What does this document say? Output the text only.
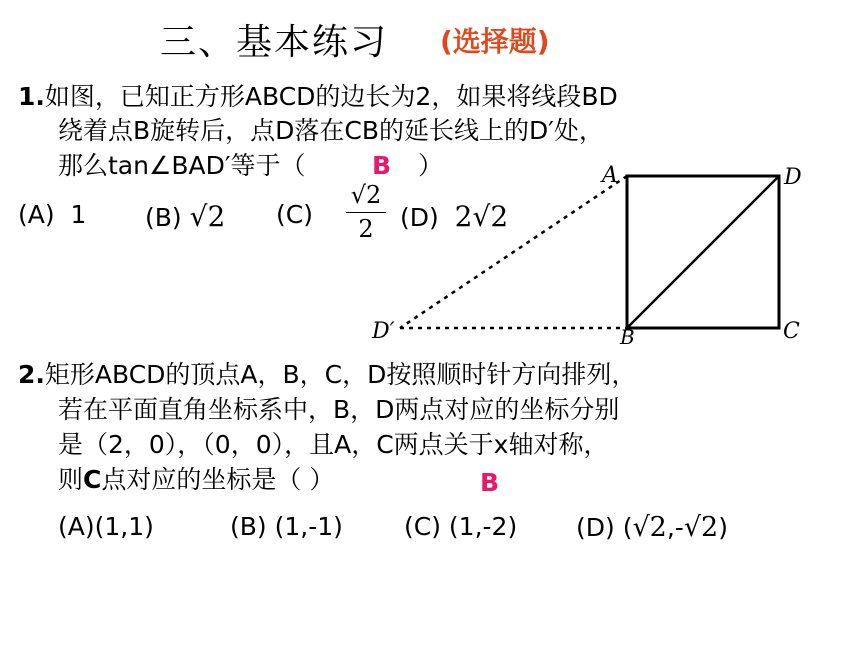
三、基本练习 (选择题)
1.如图，已知正方形ABCD的边长为2，如果将线段BD
绕着点B旋转后，点D落在CB的延长线上的D′处，
那么tan∠BAD′等于（	B ）
(A) 1 (B) √2 (C)
√2
2	(D) 2√2
A	D
B	C
D′
2.矩形ABCD的顶点A，B，C，D按照顺时针方向排列，
若在平面直角坐标系中，B，D两点对应的坐标分别
是（2，0），（0，0），且A，C两点关于x轴对称，
则C点对应的坐标是（ ）	B
(A)(1,1)	(B) (1,-1) (C) (1,-2) (D) (√2,-√2)
